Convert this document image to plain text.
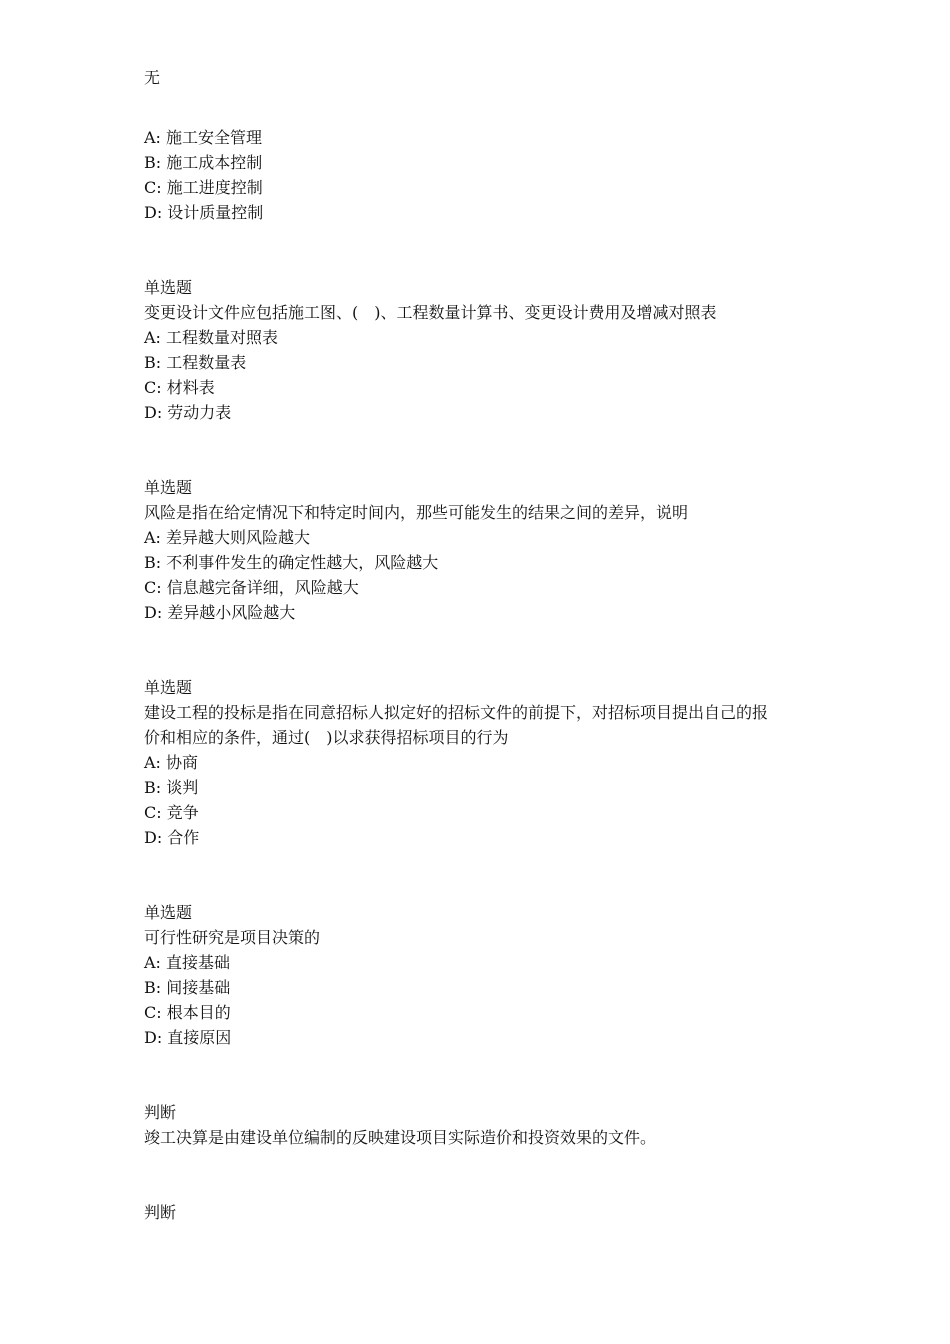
无
A: 施工安全管理
B: 施工成本控制
C: 施工进度控制
D: 设计质量控制
单选题
变更设计文件应包括施工图、(　)、工程数量计算书、变更设计费用及增减对照表
A: 工程数量对照表
B: 工程数量表
C: 材料表
D: 劳动力表
单选题
风险是指在给定情况下和特定时间内，那些可能发生的结果之间的差异，说明
A: 差异越大则风险越大
B: 不利事件发生的确定性越大，风险越大
C: 信息越完备详细，风险越大
D: 差异越小风险越大
单选题
建设工程的投标是指在同意招标人拟定好的招标文件的前提下，对招标项目提出自己的报
价和相应的条件，通过(　)以求获得招标项目的行为
A: 协商
B: 谈判
C: 竞争
D: 合作
单选题
可行性研究是项目决策的
A: 直接基础
B: 间接基础
C: 根本目的
D: 直接原因
判断
竣工决算是由建设单位编制的反映建设项目实际造价和投资效果的文件。
判断
